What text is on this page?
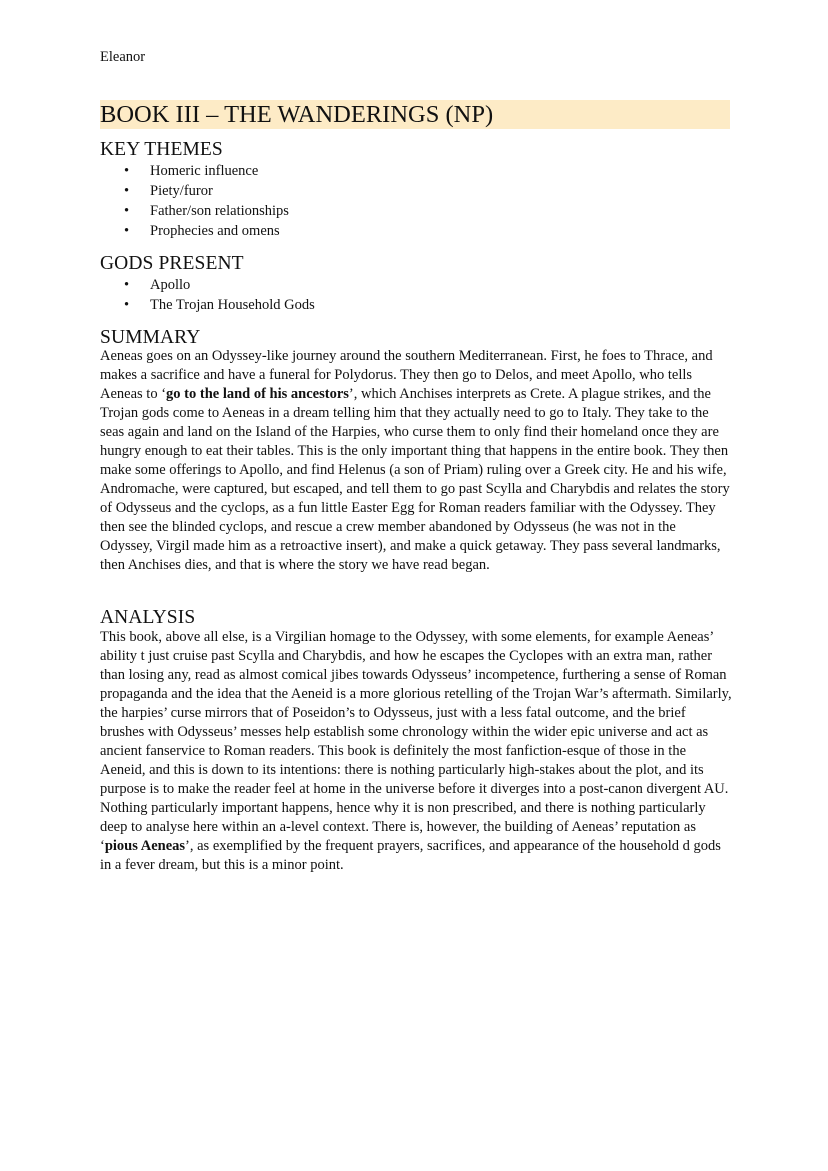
Eleanor
BOOK III – THE WANDERINGS (NP)
KEY THEMES
• Homeric influence
• Piety/furor
• Father/son relationships
• Prophecies and omens
GODS PRESENT
• Apollo
• The Trojan Household Gods
SUMMARY
Aeneas goes on an Odyssey-like journey around the southern Mediterranean. First, he foes to Thrace, and makes a sacrifice and have a funeral for Polydorus. They then go to Delos, and meet Apollo, who tells Aeneas to ‘go to the land of his ancestors’, which Anchises interprets as Crete. A plague strikes, and the Trojan gods come to Aeneas in a dream telling him that they actually need to go to Italy. They take to the seas again and land on the Island of the Harpies, who curse them to only find their homeland once they are hungry enough to eat their tables. This is the only important thing that happens in the entire book. They then make some offerings to Apollo, and find Helenus (a son of Priam) ruling over a Greek city. He and his wife, Andromache, were captured, but escaped, and tell them to go past Scylla and Charybdis and relates the story of Odysseus and the cyclops, as a fun little Easter Egg for Roman readers familiar with the Odyssey. They then see the blinded cyclops, and rescue a crew member abandoned by Odysseus (he was not in the Odyssey, Virgil made him as a retroactive insert), and make a quick getaway. They pass several landmarks, then Anchises dies, and that is where the story we have read began.
ANALYSIS
This book, above all else, is a Virgilian homage to the Odyssey, with some elements, for example Aeneas’ ability t just cruise past Scylla and Charybdis, and how he escapes the Cyclopes with an extra man, rather than losing any, read as almost comical jibes towards Odysseus’ incompetence, furthering a sense of Roman propaganda and the idea that the Aeneid is a more glorious retelling of the Trojan War’s aftermath. Similarly, the harpies’ curse mirrors that of Poseidon’s to Odysseus, just with a less fatal outcome, and the brief brushes with Odysseus’ messes help establish some chronology within the wider epic universe and act as ancient fanservice to Roman readers. This book is definitely the most fanfiction-esque of those in the Aeneid, and this is down to its intentions: there is nothing particularly high-stakes about the plot, and its purpose is to make the reader feel at home in the universe before it diverges into a post-canon divergent AU. Nothing particularly important happens, hence why it is non prescribed, and there is nothing particularly deep to analyse here within an a-level context. There is, however, the building of Aeneas’ reputation as ‘pious Aeneas’, as exemplified by the frequent prayers, sacrifices, and appearance of the household d gods in a fever dream, but this is a minor point.
